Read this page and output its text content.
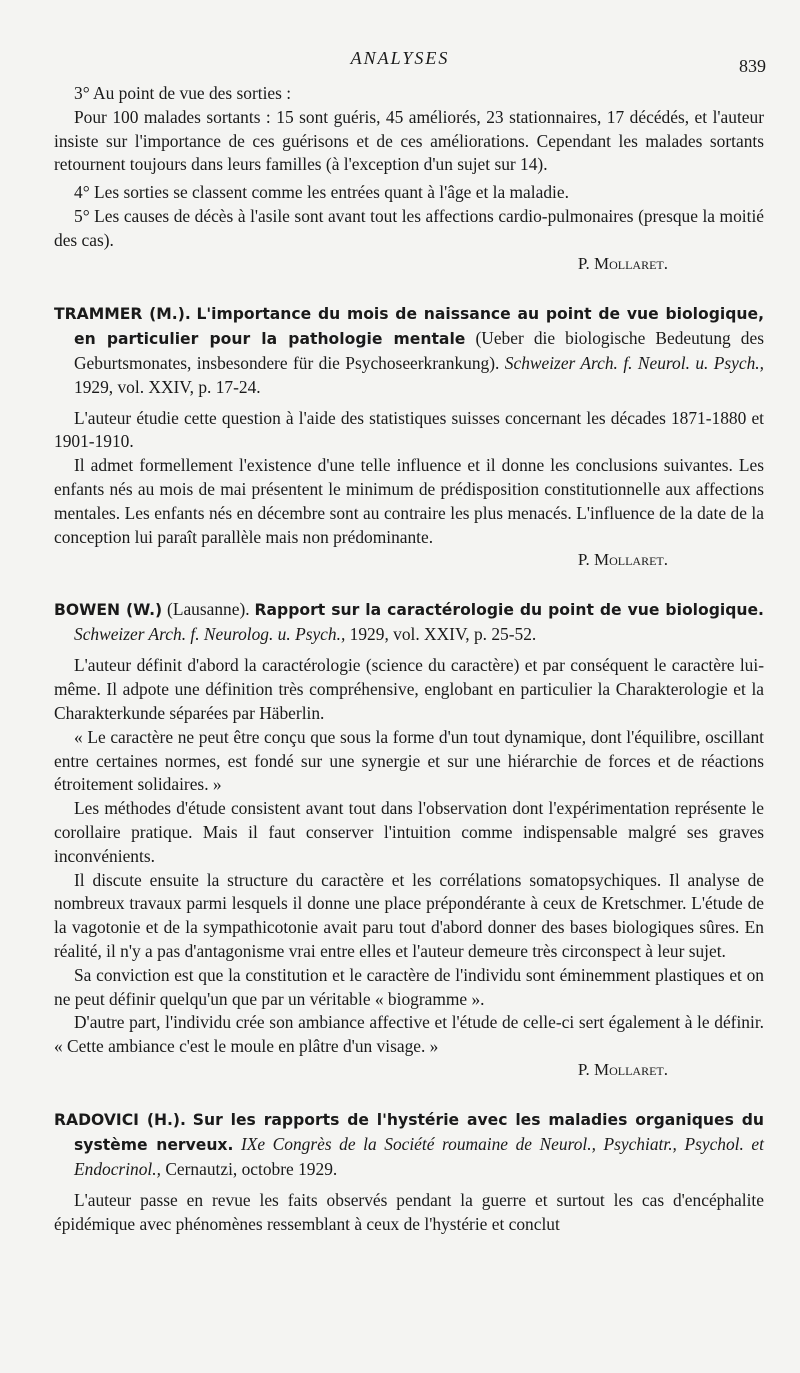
ANALYSES	839

3° Au point de vue des sorties :

Pour 100 malades sortants : 15 sont guéris, 45 améliorés, 23 stationnaires, 17 décédés, et l'auteur insiste sur l'importance de ces guérisons et de ces améliorations. Cependant les malades sortants retournent toujours dans leurs familles (à l'exception d'un sujet sur 14).

4° Les sorties se classent comme les entrées quant à l'âge et la maladie.

5° Les causes de décès à l'asile sont avant tout les affections cardio-pulmonaires (presque la moitié des cas).

P. Mollaret.

TRAMMER (M.). L'importance du mois de naissance au point de vue biologique, en particulier pour la pathologie mentale (Ueber die biologische Bedeutung des Geburtsmonates, insbesondere für die Psychoseerkrankung). Schweizer Arch. f. Neurol. u. Psych., 1929, vol. XXIV, p. 17-24.

L'auteur étudie cette question à l'aide des statistiques suisses concernant les décades 1871-1880 et 1901-1910.

Il admet formellement l'existence d'une telle influence et il donne les conclusions suivantes. Les enfants nés au mois de mai présentent le minimum de prédisposition constitutionnelle aux affections mentales. Les enfants nés en décembre sont au contraire les plus menacés. L'influence de la date de la conception lui paraît parallèle mais non prédominante.

P. Mollaret.

BOWEN (W.) (Lausanne). Rapport sur la caractérologie du point de vue biologique. Schweizer Arch. f. Neurolog. u. Psych., 1929, vol. XXIV, p. 25-52.

L'auteur définit d'abord la caractérologie (science du caractère) et par conséquent le caractère lui-même. Il adpote une définition très compréhensive, englobant en particulier la Charakterologie et la Charakterkunde séparées par Häberlin.

« Le caractère ne peut être conçu que sous la forme d'un tout dynamique, dont l'équilibre, oscillant entre certaines normes, est fondé sur une synergie et sur une hiérarchie de forces et de réactions étroitement solidaires. »

Les méthodes d'étude consistent avant tout dans l'observation dont l'expérimentation représente le corollaire pratique. Mais il faut conserver l'intuition comme indispensable malgré ses graves inconvénients.

Il discute ensuite la structure du caractère et les corrélations somatopsychiques. Il analyse de nombreux travaux parmi lesquels il donne une place prépondérante à ceux de Kretschmer. L'étude de la vagotonie et de la sympathicotonie avait paru tout d'abord donner des bases biologiques sûres. En réalité, il n'y a pas d'antagonisme vrai entre elles et l'auteur demeure très circonspect à leur sujet.

Sa conviction est que la constitution et le caractère de l'individu sont éminemment plastiques et on ne peut définir quelqu'un que par un véritable « biogramme ».

D'autre part, l'individu crée son ambiance affective et l'étude de celle-ci sert également à le définir. « Cette ambiance c'est le moule en plâtre d'un visage. »

P. Mollaret.

RADOVICI (H.). Sur les rapports de l'hystérie avec les maladies organiques du système nerveux. IXe Congrès de la Société roumaine de Neurol., Psychiatr., Psychol. et Endocrinol., Cernautzi, octobre 1929.

L'auteur passe en revue les faits observés pendant la guerre et surtout les cas d'encéphalite épidémique avec phénomènes ressemblant à ceux de l'hystérie et conclut
